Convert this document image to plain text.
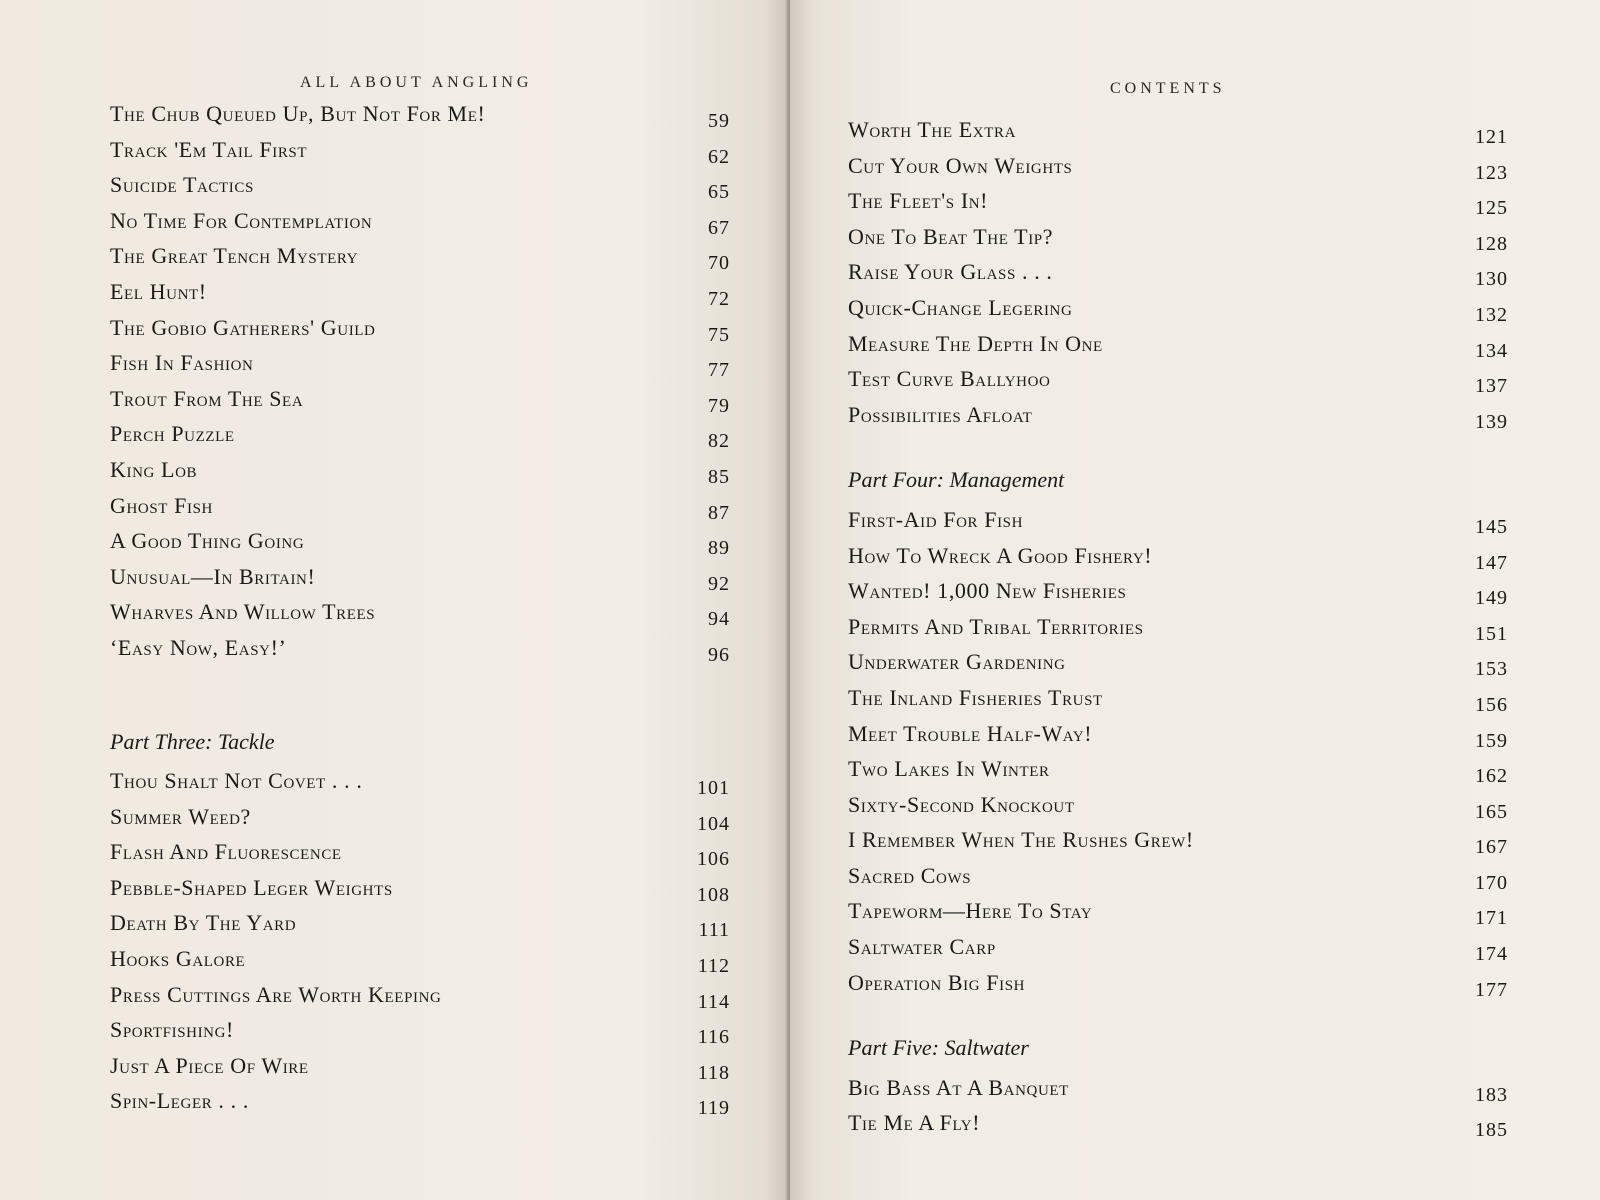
ALL ABOUT ANGLING
The Chub Queued Up, But Not For Me!	59
Track 'Em Tail First	62
Suicide Tactics	65
No Time For Contemplation	67
The Great Tench Mystery	70
Eel Hunt!	72
The Gobio Gatherers' Guild	75
Fish In Fashion	77
Trout From The Sea	79
Perch Puzzle	82
King Lob	85
Ghost Fish	87
A Good Thing Going	89
Unusual—In Britain!	92
Wharves And Willow Trees	94
‘Easy Now, Easy!’	96
Part Three: Tackle
Thou Shalt Not Covet . . .	101
Summer Weed?	104
Flash And Fluorescence	106
Pebble-Shaped Leger Weights	108
Death By The Yard	111
Hooks Galore	112
Press Cuttings Are Worth Keeping	114
Sportfishing!	116
Just A Piece Of Wire	118
Spin-Leger . . .	119
CONTENTS
Worth The Extra	121
Cut Your Own Weights	123
The Fleet's In!	125
One To Beat The Tip?	128
Raise Your Glass . . .	130
Quick-Change Legering	132
Measure The Depth In One	134
Test Curve Ballyhoo	137
Possibilities Afloat	139
Part Four: Management
First-Aid For Fish	145
How To Wreck A Good Fishery!	147
Wanted! 1,000 New Fisheries	149
Permits And Tribal Territories	151
Underwater Gardening	153
The Inland Fisheries Trust	156
Meet Trouble Half-Way!	159
Two Lakes In Winter	162
Sixty-Second Knockout	165
I Remember When The Rushes Grew!	167
Sacred Cows	170
Tapeworm—Here To Stay	171
Saltwater Carp	174
Operation Big Fish	177
Part Five: Saltwater
Big Bass At A Banquet	183
Tie Me A Fly!	185
